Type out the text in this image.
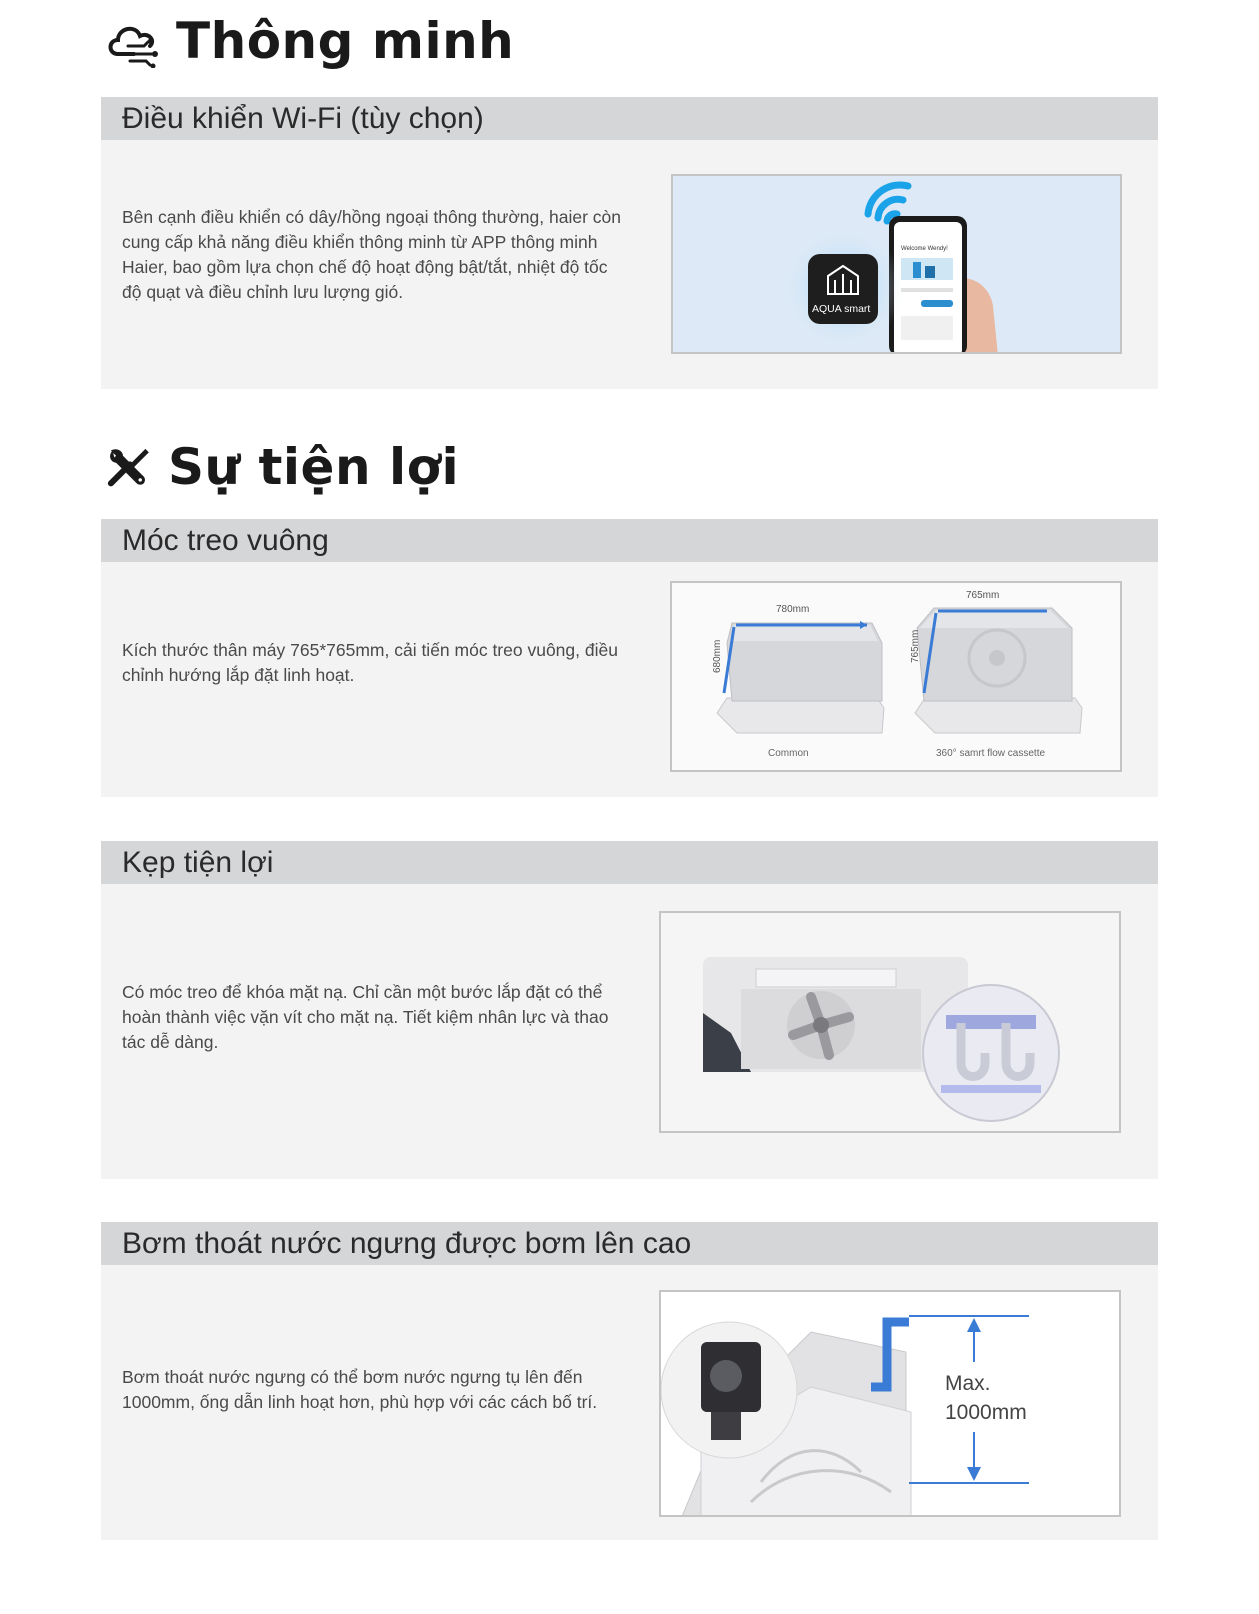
Thông minh
Điều khiển Wi-Fi (tùy chọn)

Bên cạnh điều khiển có dây/hồng ngoại thông thường, haier còn cung cấp khả năng điều khiển thông minh từ APP thông minh Haier, bao gồm lựa chọn chế độ hoạt động bật/tắt, nhiệt độ tốc độ quạt và điều chỉnh lưu lượng gió.

Welcome Wendy!
AQUA smart
Sự tiện lợi
Móc treo vuông

Kích thước thân máy 765*765mm, cải tiến móc treo vuông, điều chỉnh hướng lắp đặt linh hoạt.

780mm
680mm
Common
765mm
765mm
360° samrt flow cassette
Kẹp tiện lợi

Có móc treo để khóa mặt nạ. Chỉ cần một bước lắp đặt có thể hoàn thành việc vặn vít cho mặt nạ. Tiết kiệm nhân lực và thao tác dễ dàng.

Bơm thoát nước ngưng được bơm lên cao

Bơm thoát nước ngưng có thể bơm nước ngưng tụ lên đến 1000mm, ống dẫn linh hoạt hơn, phù hợp với các cách bố trí.

Max.
1000mm
